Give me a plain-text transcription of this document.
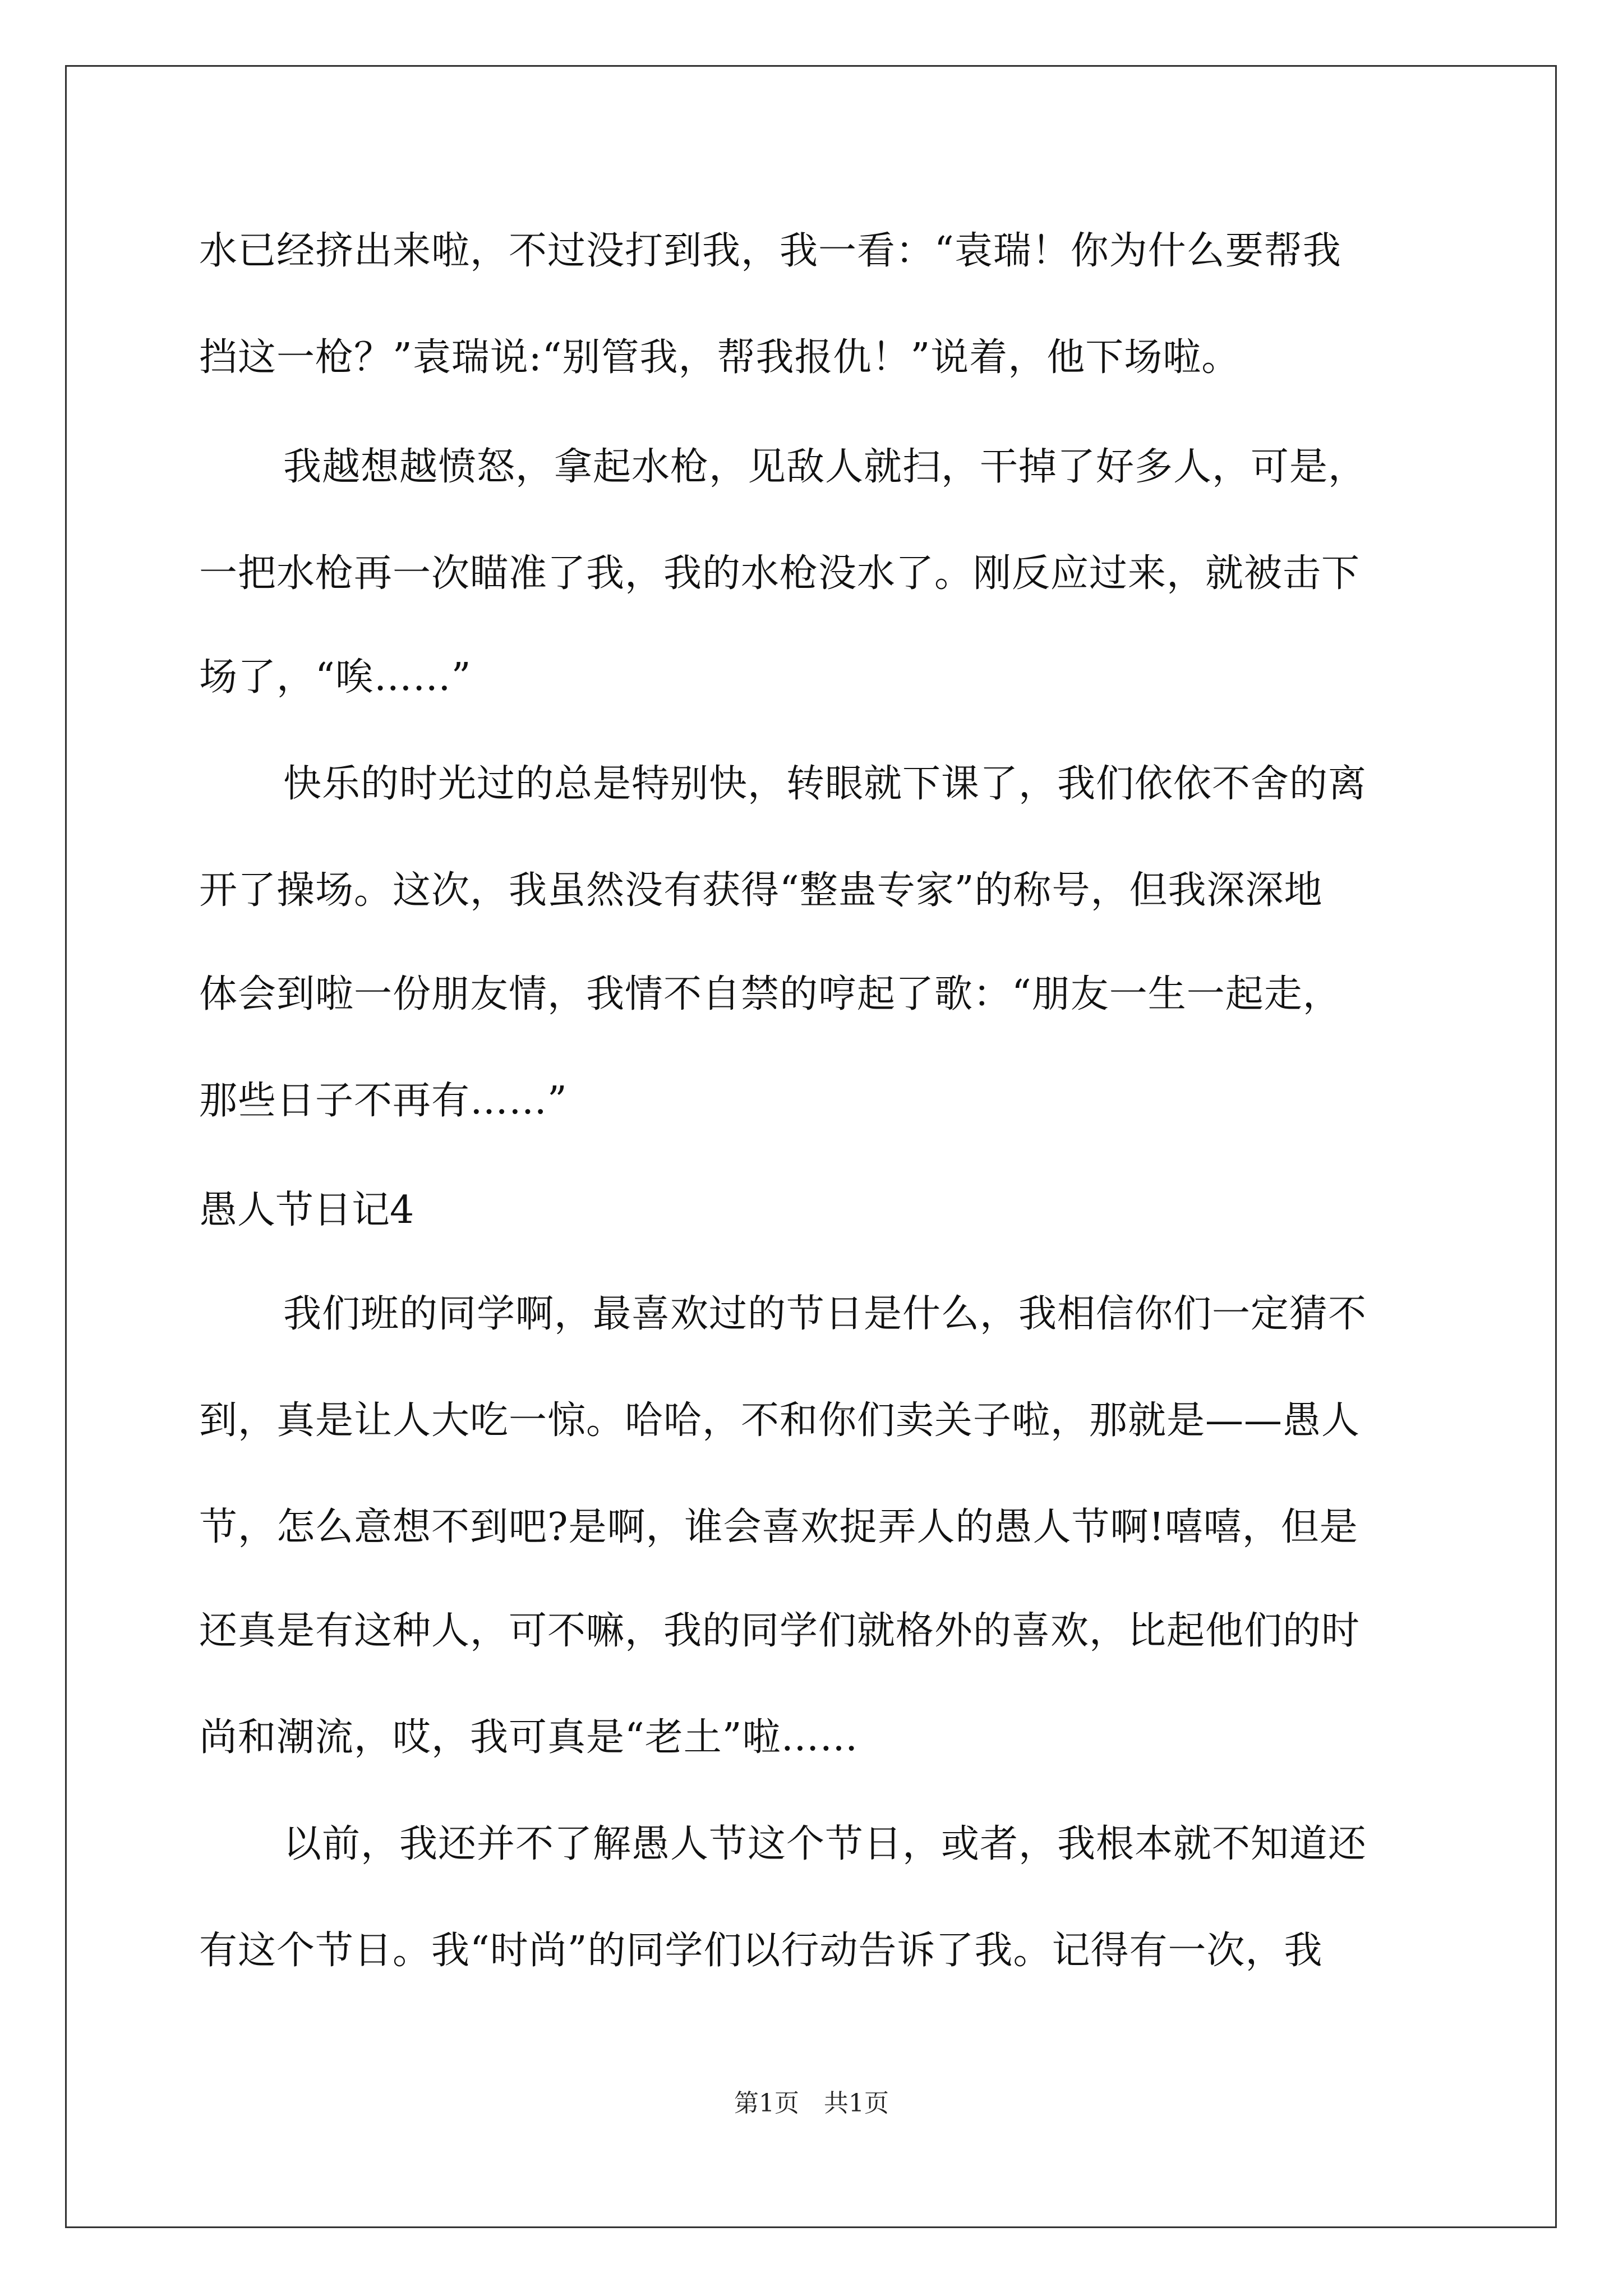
水已经挤出来啦，不过没打到我，我一看：“袁瑞！你为什么要帮我
挡这一枪？”袁瑞说:“别管我，帮我报仇！”说着，他下场啦。
我越想越愤怒，拿起水枪，见敌人就扫，干掉了好多人，可是，
一把水枪再一次瞄准了我，我的水枪没水了。刚反应过来，就被击下
场了，“唉……”
快乐的时光过的总是特别快，转眼就下课了，我们依依不舍的离
开了操场。这次，我虽然没有获得“整蛊专家”的称号，但我深深地
体会到啦一份朋友情，我情不自禁的哼起了歌：“朋友一生一起走，
那些日子不再有……”
愚人节日记4
我们班的同学啊，最喜欢过的节日是什么，我相信你们一定猜不
到，真是让人大吃一惊。哈哈，不和你们卖关子啦，那就是——愚人
节，怎么意想不到吧?是啊，谁会喜欢捉弄人的愚人节啊!嘻嘻，但是
还真是有这种人，可不嘛，我的同学们就格外的喜欢，比起他们的时
尚和潮流，哎，我可真是“老土”啦……
以前，我还并不了解愚人节这个节日，或者，我根本就不知道还
有这个节日。我“时尚”的同学们以行动告诉了我。记得有一次，我
第1页　共1页
